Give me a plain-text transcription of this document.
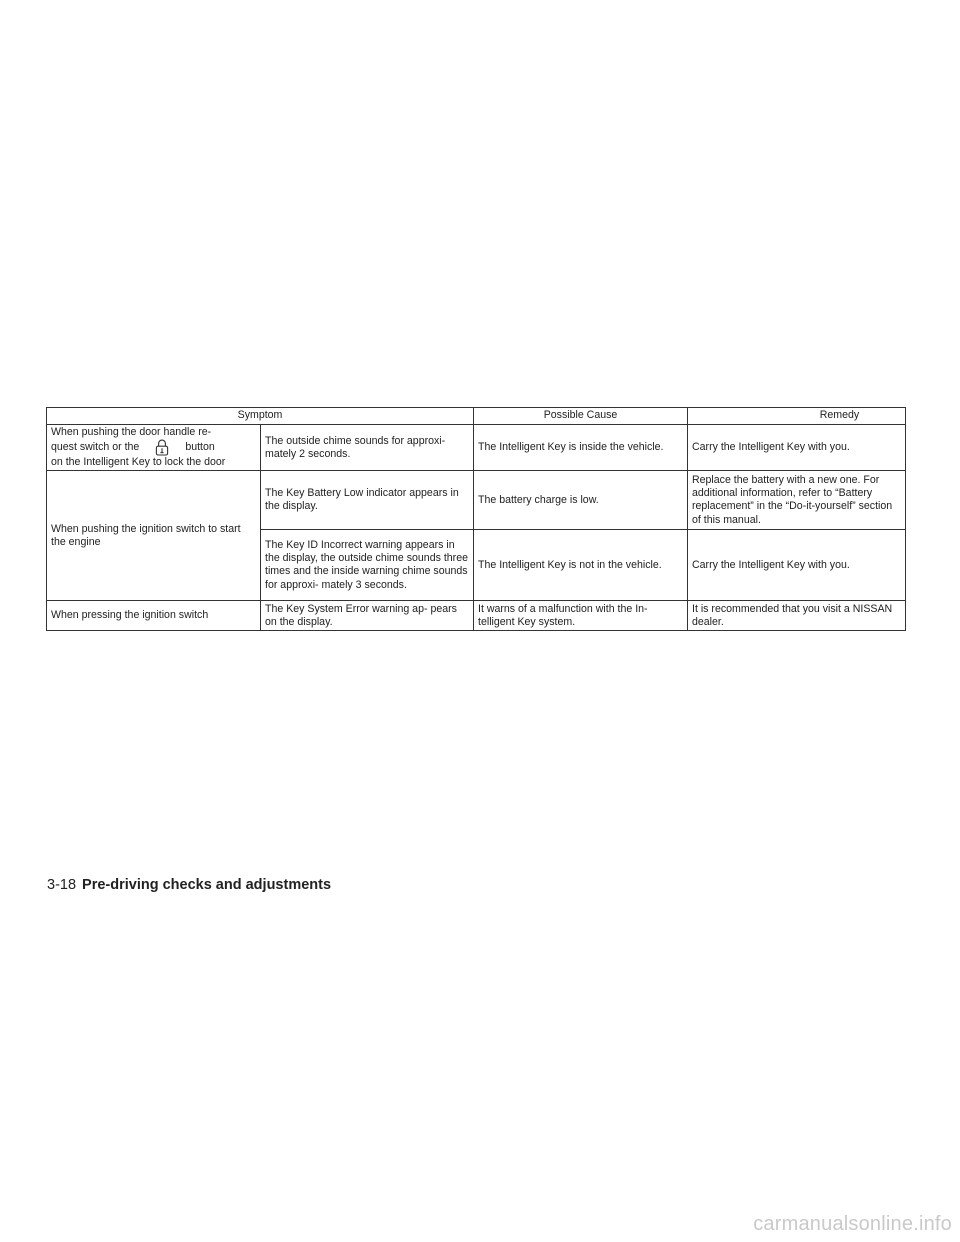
Symptom		Possible Cause	Remedy

When pushing the door handle re-
quest switch or the button
on the Intelligent Key to lock the door	The outside chime sounds for approxi- mately 2 seconds.	The Intelligent Key is inside the vehicle.	Carry the Intelligent Key with you.
When pushing the ignition switch to start the engine	The Key Battery Low indicator appears in the display.	The battery charge is low.	Replace the battery with a new one. For additional information, refer to “Battery replacement” in the “Do-it-yourself” section of this manual.
	The Key ID Incorrect warning appears in the display, the outside chime sounds three times and the inside warning chime sounds for approxi- mately 3 seconds.	The Intelligent Key is not in the vehicle.	Carry the Intelligent Key with you.
When pressing the ignition switch	The Key System Error warning ap- pears on the display.	It warns of a malfunction with the In- telligent Key system.	It is recommended that you visit a NISSAN dealer.
3-18 Pre-driving checks and adjustments
carmanualsonline.info
